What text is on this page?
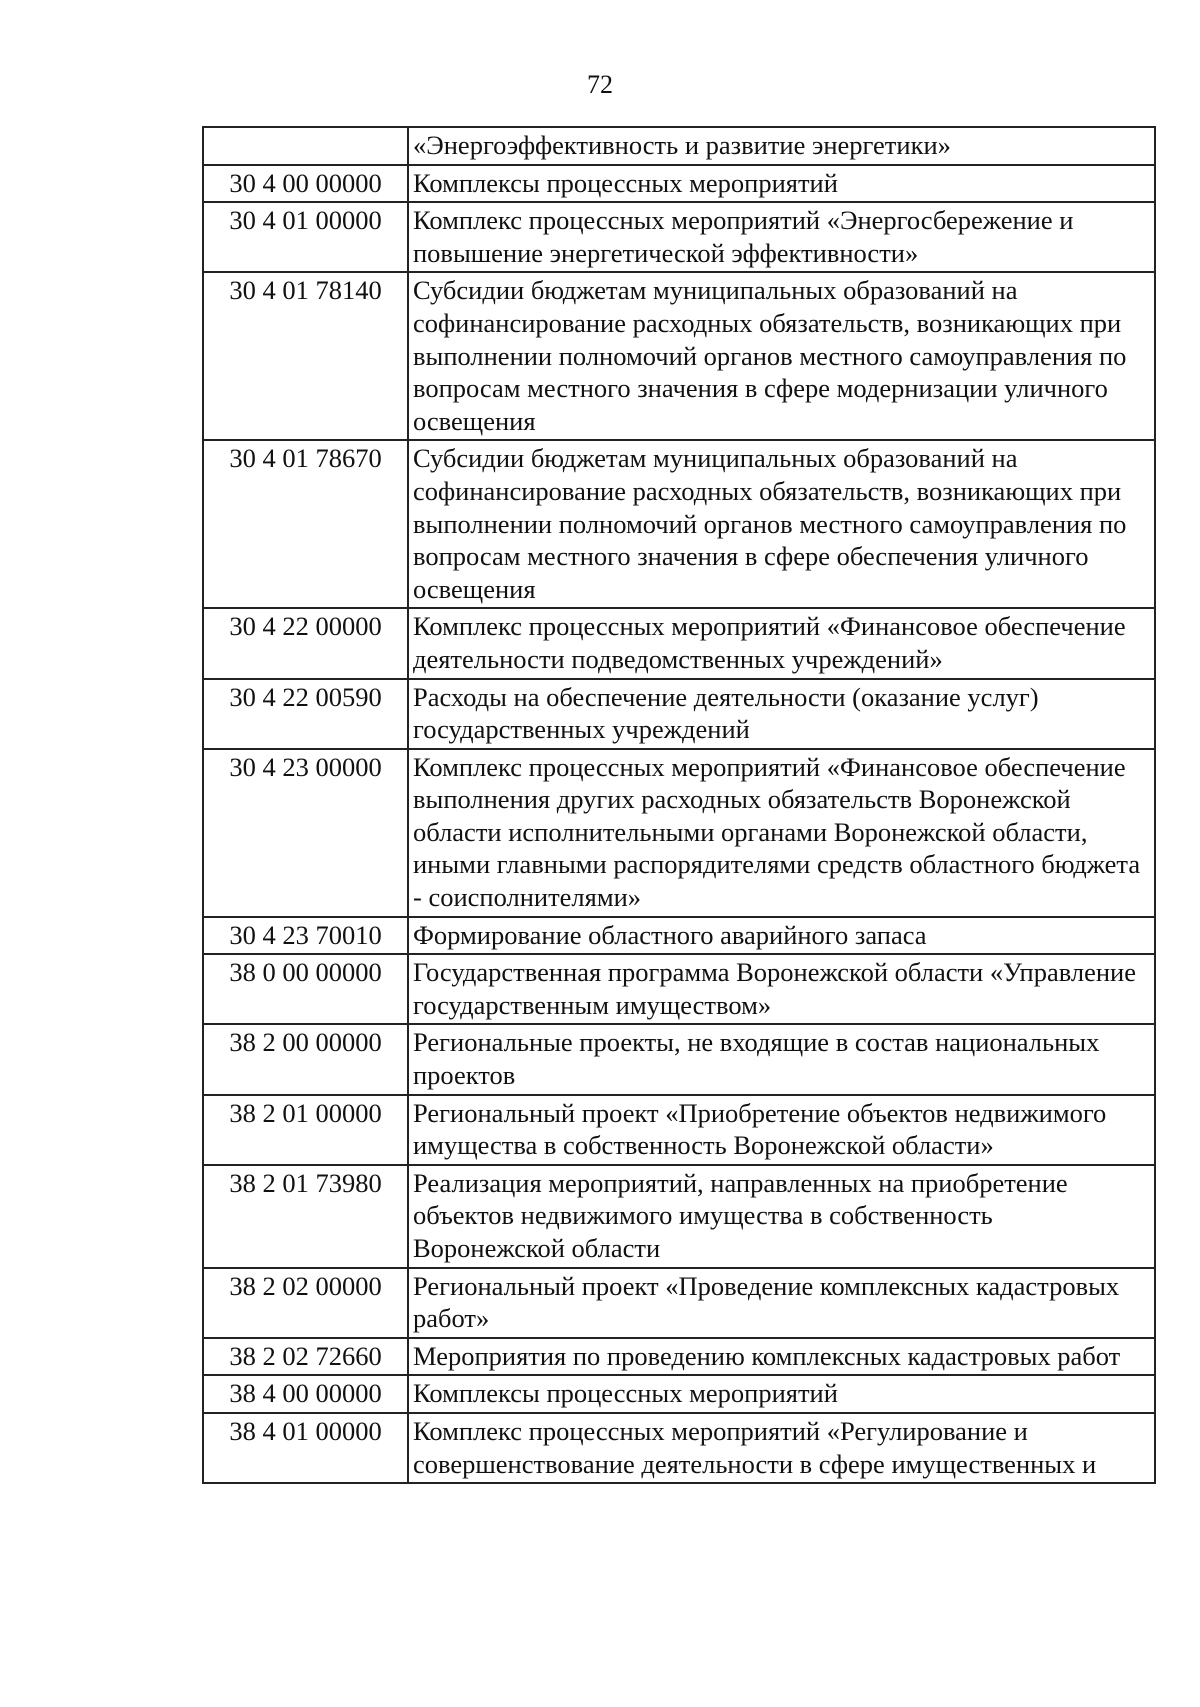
72
	«Энергоэффективность и развитие энергетики»
30 4 00 00000	Комплексы процессных мероприятий
30 4 01 00000	Комплекс процессных мероприятий «Энергосбережение и повышение энергетической эффективности»
30 4 01 78140	Субсидии бюджетам муниципальных образований на софинансирование расходных обязательств, возникающих при выполнении полномочий органов местного самоуправления по вопросам местного значения в сфере модернизации уличного освещения
30 4 01 78670	Субсидии бюджетам муниципальных образований на софинансирование расходных обязательств, возникающих при выполнении полномочий органов местного самоуправления по вопросам местного значения в сфере обеспечения уличного освещения
30 4 22 00000	Комплекс процессных мероприятий «Финансовое обеспечение деятельности подведомственных учреждений»
30 4 22 00590	Расходы на обеспечение деятельности (оказание услуг) государственных учреждений
30 4 23 00000	Комплекс процессных мероприятий «Финансовое обеспечение выполнения других расходных обязательств Воронежской области исполнительными органами Воронежской области, иными главными распорядителями средств областного бюджета - соисполнителями»
30 4 23 70010	Формирование областного аварийного запаса
38 0 00 00000	Государственная программа Воронежской области «Управление государственным имуществом»
38 2 00 00000	Региональные проекты, не входящие в состав национальных проектов
38 2 01 00000	Региональный проект «Приобретение объектов недвижимого имущества в собственность Воронежской области»
38 2 01 73980	Реализация мероприятий, направленных на приобретение объектов недвижимого имущества в собственность Воронежской области
38 2 02 00000	Региональный проект «Проведение комплексных кадастровых работ»
38 2 02 72660	Мероприятия по проведению комплексных кадастровых работ
38 4 00 00000	Комплексы процессных мероприятий
38 4 01 00000	Комплекс процессных мероприятий «Регулирование и совершенствование деятельности в сфере имущественных и
